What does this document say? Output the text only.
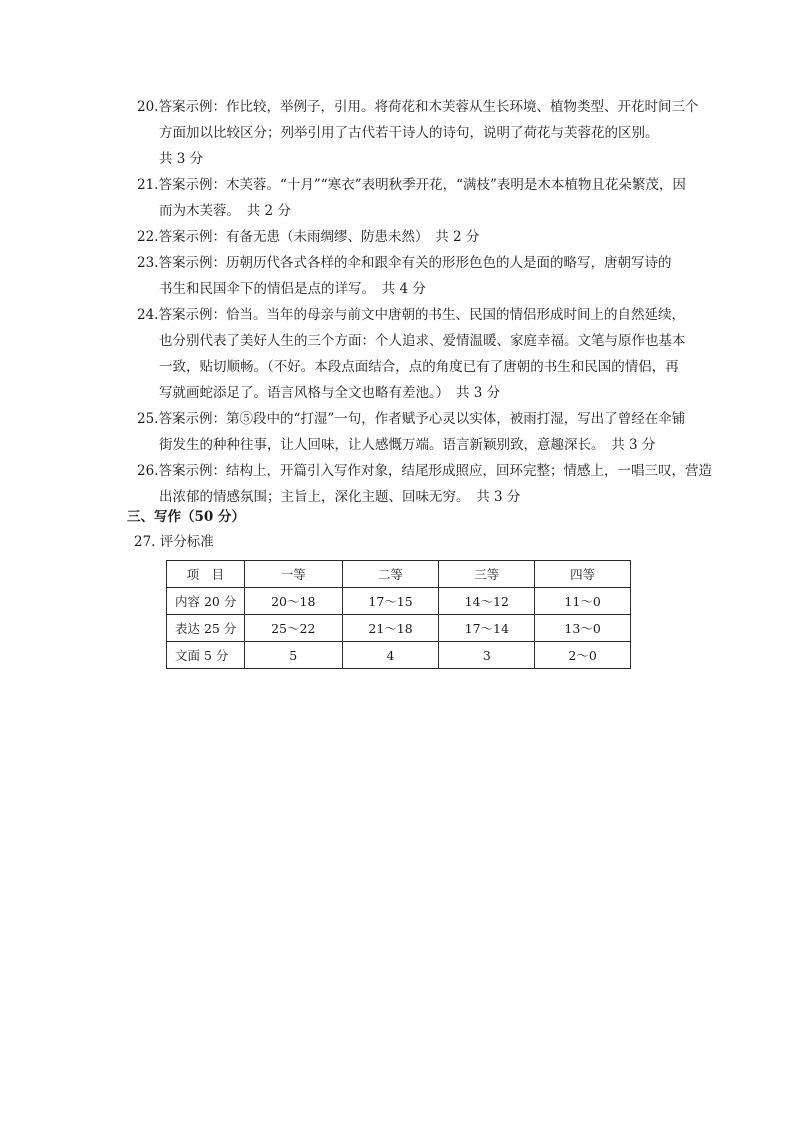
20.答案示例：作比较，举例子，引用。将荷花和木芙蓉从生长环境、植物类型、开花时间三个
方面加以比较区分；列举引用了古代若干诗人的诗句，说明了荷花与芙蓉花的区别。
共 3 分
21.答案示例：木芙蓉。“十月”“寒衣”表明秋季开花，“满枝”表明是木本植物且花朵繁茂，因
而为木芙蓉。　共 2 分
22.答案示例：有备无患（未雨绸缪、防患未然）　共 2 分
23.答案示例：历朝历代各式各样的伞和跟伞有关的形形色色的人是面的略写，唐朝写诗的
书生和民国伞下的情侣是点的详写。　共 4 分
24.答案示例：恰当。当年的母亲与前文中唐朝的书生、民国的情侣形成时间上的自然延续，
也分别代表了美好人生的三个方面：个人追求、爱情温暖、家庭幸福。文笔与原作也基本
一致，贴切顺畅。（不好。本段点面结合，点的角度已有了唐朝的书生和民国的情侣，再
写就画蛇添足了。语言风格与全文也略有差池。）　共 3 分
25.答案示例：第⑤段中的“打湿”一句，作者赋予心灵以实体，被雨打湿，写出了曾经在伞铺
街发生的种种往事，让人回味，让人感慨万端。语言新颖别致，意趣深长。　共 3 分
26.答案示例：结构上，开篇引入写作对象，结尾形成照应，回环完整；情感上，一唱三叹，营造
出浓郁的情感氛围；主旨上，深化主题、回味无穷。　共 3 分
三、写作（50 分）
27. 评分标准
项　目	一等	二等	三等	四等
内容 20 分	20～18	17～15	14～12	11～0
表达 25 分	25～22	21～18	17～14	13～0
文面 5 分	5	4	3	2～0
